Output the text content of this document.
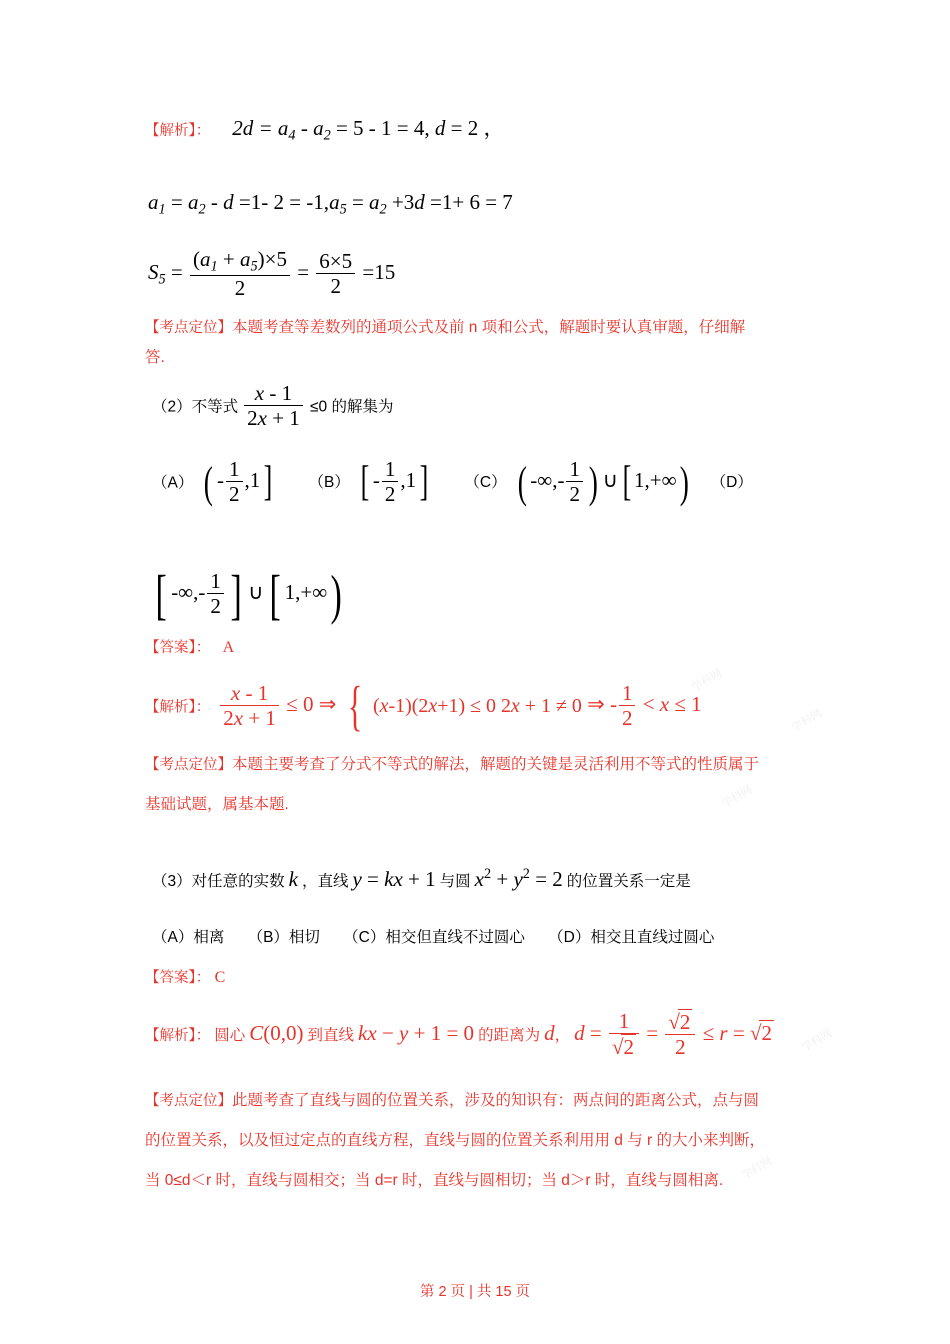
学科网
学科网
学科网
学科网
学科网
【解析】： $2d = a_4 - a_2 = 5 - 1 = 4$, d = 2 ，
$a_1 = a_2 - d =1-$ $2 = -1,a_5 = a_2 +3d =1+ 6 = 7$
$S_5 = \frac{(a_1 + a_5)\times 5}{2} = \frac{6\times 5}{2} =15$
【考点定位】本题考查等差数列的通项公式及前 n 项和公式，解题时要认真审题，仔细解
答.
（2）不等式 $\frac{x - 1}{2x + 1} \le 0$ 的解集为
（A） ( - $\frac{1}{2} ,1$] （B） [ - $\frac{1}{2} ,1$] （C） ( -∞,- $\frac{1}{2}$ ) ∪ [ 1,+∞) （D）
[ -∞,- $\frac{1}{2}$ ] ∪ [ 1,+∞)
【答案】： A
【解析】： $\frac{x - 1}{2x + 1} \le 0$ ⇒ { (x-1)(2x+1) ≤ 0 2x + 1 ≠ 0 ⇒ - $\frac{1}{2} < x \le 1$
【考点定位】本题主要考查了分式不等式的解法，解题的关键是灵活利用不等式的性质属于
基础试题，属基本题.
（3）对任意的实数 k ，直线 y = kx + 1 与圆 $x^2 + y^2 = 2$ 的位置关系一定是
（A）相离　　（B）相切　　（C）相交但直线不过圆心　　（D）相交且直线过圆心
【答案】： C
【解析】： 圆心 C(0,0) 到直线 kx − y + 1 = 0 的距离为 d， $d = \frac{1}{√2} = \frac{√2}{2} \le r = √2$
【考点定位】此题考查了直线与圆的位置关系，涉及的知识有：两点间的距离公式，点与圆
的位置关系，以及恒过定点的直线方程，直线与圆的位置关系利用用 d 与 r 的大小来判断，
当 0≤d＜r 时，直线与圆相交；当 d=r 时，直线与圆相切；当 d＞r 时，直线与圆相离.
第 2 页 | 共 15 页
